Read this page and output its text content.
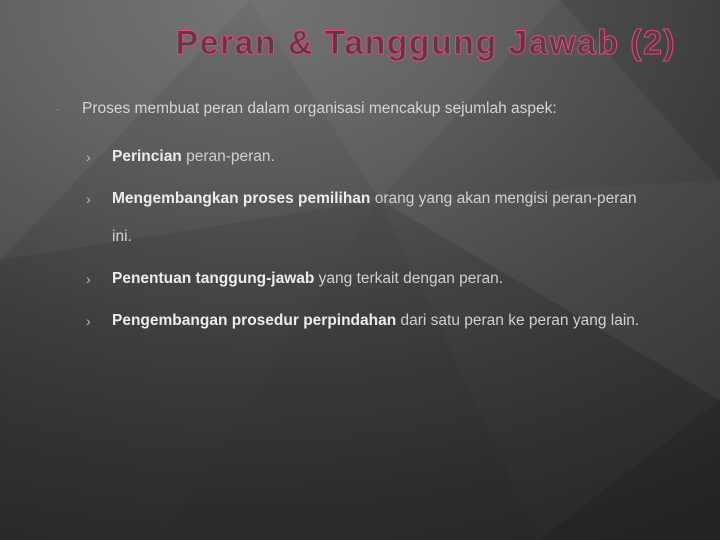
Peran & Tanggung Jawab (2)
· Proses membuat peran dalam organisasi mencakup sejumlah aspek:
› Perincian peran-peran.
› Mengembangkan proses pemilihan orang yang akan mengisi peran-peran ini.
› Penentuan tanggung-jawab yang terkait dengan peran.
› Pengembangan prosedur perpindahan dari satu peran ke peran yang lain.
